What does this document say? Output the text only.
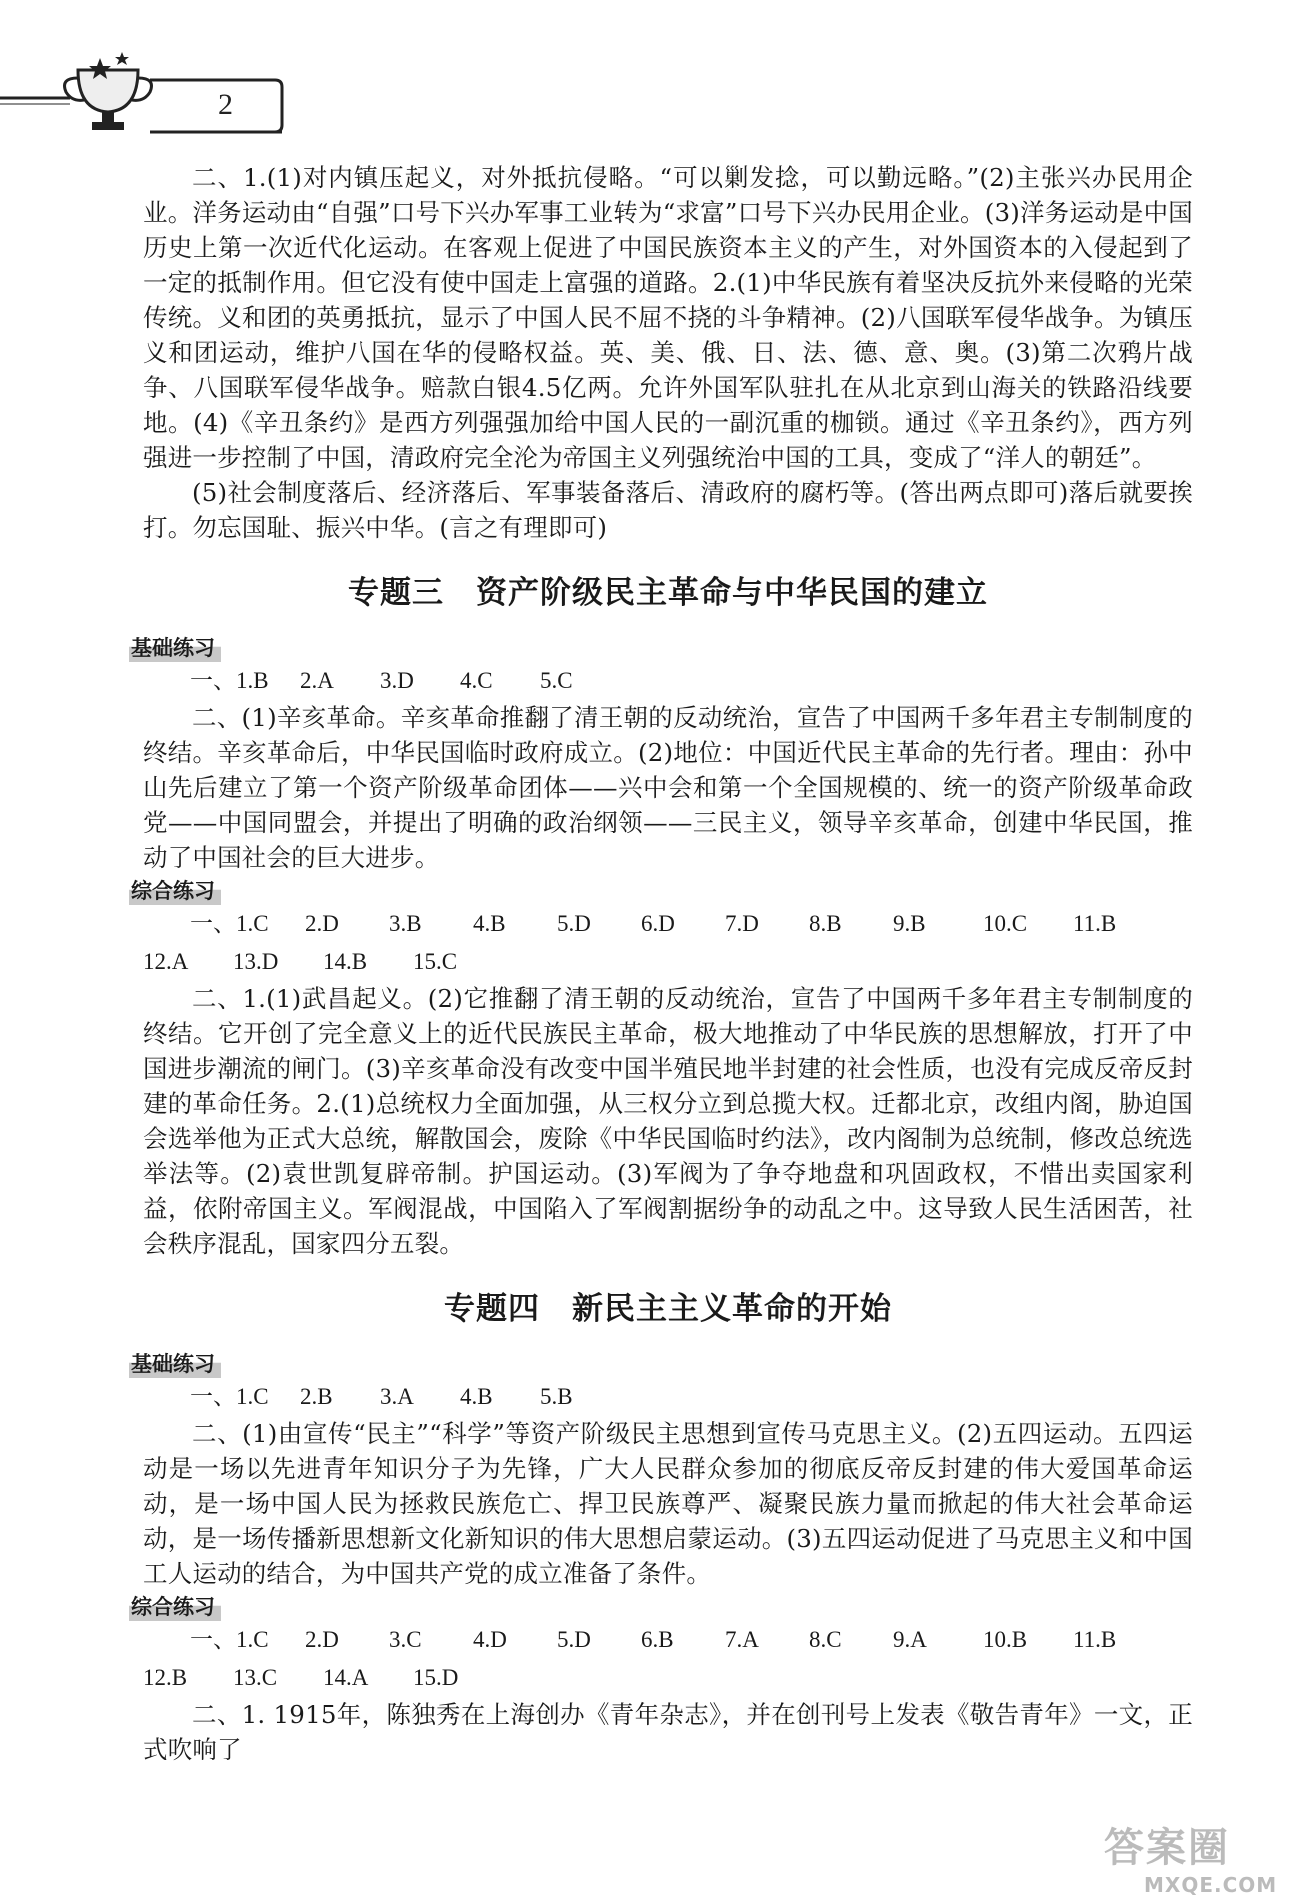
2

二、1.(1)对内镇压起义，对外抵抗侵略。“可以剿发捻，可以勤远略。”(2)主张兴办民用企业。洋务运动由“自强”口号下兴办军事工业转为“求富”口号下兴办民用企业。(3)洋务运动是中国历史上第一次近代化运动。在客观上促进了中国民族资本主义的产生，对外国资本的入侵起到了一定的抵制作用。但它没有使中国走上富强的道路。2.(1)中华民族有着坚决反抗外来侵略的光荣传统。义和团的英勇抵抗，显示了中国人民不屈不挠的斗争精神。(2)八国联军侵华战争。为镇压义和团运动，维护八国在华的侵略权益。英、美、俄、日、法、德、意、奥。(3)第二次鸦片战争、八国联军侵华战争。赔款白银4.5亿两。允许外国军队驻扎在从北京到山海关的铁路沿线要地。(4)《辛丑条约》是西方列强强加给中国人民的一副沉重的枷锁。通过《辛丑条约》，西方列强进一步控制了中国，清政府完全沦为帝国主义列强统治中国的工具，变成了“洋人的朝廷”。

(5)社会制度落后、经济落后、军事装备落后、清政府的腐朽等。(答出两点即可)落后就要挨打。勿忘国耻、振兴中华。(言之有理即可)

专题三　资产阶级民主革命与中华民国的建立
基础练习
一、1.B	2.A	3.D	4.C	5.C

二、(1)辛亥革命。辛亥革命推翻了清王朝的反动统治，宣告了中国两千多年君主专制制度的终结。辛亥革命后，中华民国临时政府成立。(2)地位：中国近代民主革命的先行者。理由：孙中山先后建立了第一个资产阶级革命团体——兴中会和第一个全国规模的、统一的资产阶级革命政党——中国同盟会，并提出了明确的政治纲领——三民主义，领导辛亥革命，创建中华民国，推动了中国社会的巨大进步。

综合练习
一、1.C	2.D	3.B	4.B	5.D	6.D	7.D	8.B	9.B	10.C	11.B
12.A	13.D	14.B	15.C

二、1.(1)武昌起义。(2)它推翻了清王朝的反动统治，宣告了中国两千多年君主专制制度的终结。它开创了完全意义上的近代民族民主革命，极大地推动了中华民族的思想解放，打开了中国进步潮流的闸门。(3)辛亥革命没有改变中国半殖民地半封建的社会性质，也没有完成反帝反封建的革命任务。2.(1)总统权力全面加强，从三权分立到总揽大权。迁都北京，改组内阁，胁迫国会选举他为正式大总统，解散国会，废除《中华民国临时约法》，改内阁制为总统制，修改总统选举法等。(2)袁世凯复辟帝制。护国运动。(3)军阀为了争夺地盘和巩固政权，不惜出卖国家利益，依附帝国主义。军阀混战，中国陷入了军阀割据纷争的动乱之中。这导致人民生活困苦，社会秩序混乱，国家四分五裂。

专题四　新民主主义革命的开始
基础练习
一、1.C	2.B	3.A	4.B	5.B

二、(1)由宣传“民主”“科学”等资产阶级民主思想到宣传马克思主义。(2)五四运动。五四运动是一场以先进青年知识分子为先锋，广大人民群众参加的彻底反帝反封建的伟大爱国革命运动，是一场中国人民为拯救民族危亡、捍卫民族尊严、凝聚民族力量而掀起的伟大社会革命运动，是一场传播新思想新文化新知识的伟大思想启蒙运动。(3)五四运动促进了马克思主义和中国工人运动的结合，为中国共产党的成立准备了条件。

综合练习
一、1.C	2.D	3.C	4.D	5.D	6.B	7.A	8.C	9.A	10.B	11.B
12.B	13.C	14.A	15.D

二、1. 1915年，陈独秀在上海创办《青年杂志》，并在创刊号上发表《敬告青年》一文，正式吹响了

答案圈
MXQE.COM
